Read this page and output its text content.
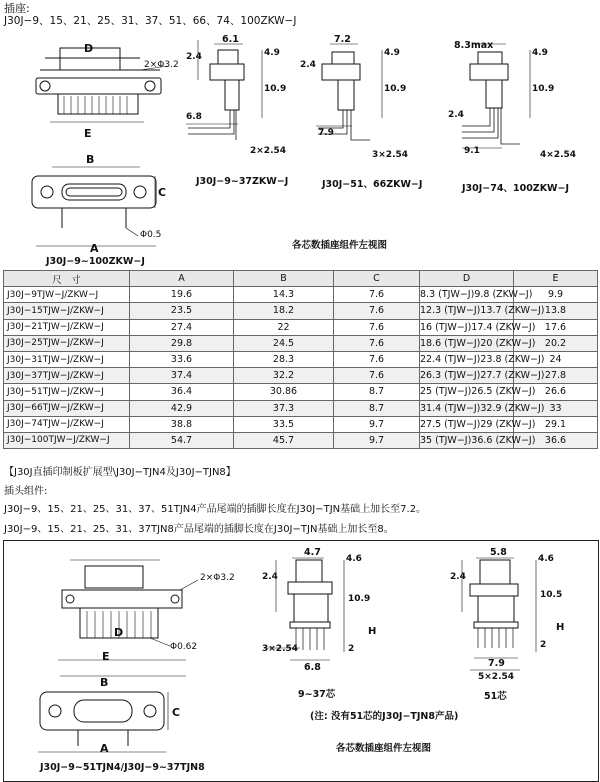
插座:
J30J−9、15、21、25、31、37、51、66、74、100ZKW−J
D
2×Φ3.2
E
B
C
Φ0.5
A
J30J−9~100ZKW−J
6.1
4.9
10.9
2.4
6.8
2×2.54
J30J−9~37ZKW−J
7.2
4.9
10.9
2.4
7.9
3×2.54
J30J−51、66ZKW−J
8.3max
4.9
10.9
2.4
9.1	4×2.54
J30J−74、100ZKW−J
各芯数插座组件左视图
尺　寸	A	B	C	D	E
J30J−9TJW−J/ZKW−J	19.6	14.3	7.6	8.3 (TJW−J) 9.8 (ZKW−J)	9.9
J30J−15TJW−J/ZKW−J	23.5	18.2	7.6	12.3 (TJW−J) 13.7 (ZKW−J)	13.8
J30J−21TJW−J/ZKW−J	27.4	22	7.6	16 (TJW−J) 17.4 (ZKW−J)	17.6
J30J−25TJW−J/ZKW−J	29.8	24.5	7.6	18.6 (TJW−J) 20 (ZKW−J)	20.2
J30J−31TJW−J/ZKW−J	33.6	28.3	7.6	22.4 (TJW−J) 23.8 (ZKW−J)	24
J30J−37TJW−J/ZKW−J	37.4	32.2	7.6	26.3 (TJW−J) 27.7 (ZKW−J)	27.8
J30J−51TJW−J/ZKW−J	36.4	30.86	8.7	25 (TJW−J) 26.5 (ZKW−J)	26.6
J30J−66TJW−J/ZKW−J	42.9	37.3	8.7	31.4 (TJW−J) 32.9 (ZKW−J)	33
J30J−74TJW−J/ZKW−J	38.8	33.5	9.7	27.5 (TJW−J) 29 (ZKW−J)	29.1
J30J−100TJW−J/ZKW−J	54.7	45.7	9.7	35 (TJW−J) 36.6 (ZKW−J)	36.6
【J30J直插印制板扩展型\J30J−TJN4及J30J−TJN8】
插头组件:
J30J−9、15、21、25、31、37、51TJN4产品尾端的插脚长度在J30J−TJN基础上加长至7.2。
J30J−9、15、21、25、31、37TJN8产品尾端的插脚长度在J30J−TJN基础上加长至8。
2×Φ3.2
D
Φ0.62
E
B
C
A
J30J−9~51TJN4/J30J−9~37TJN8
4.7
2.4
4.6
10.9
H
2
3×2.54
6.8
9~37芯
5.8
2.4
4.6
10.5
H
2
7.9
5×2.54
51芯
(注: 没有51芯的J30J−TJN8产品)
各芯数插座组件左视图
